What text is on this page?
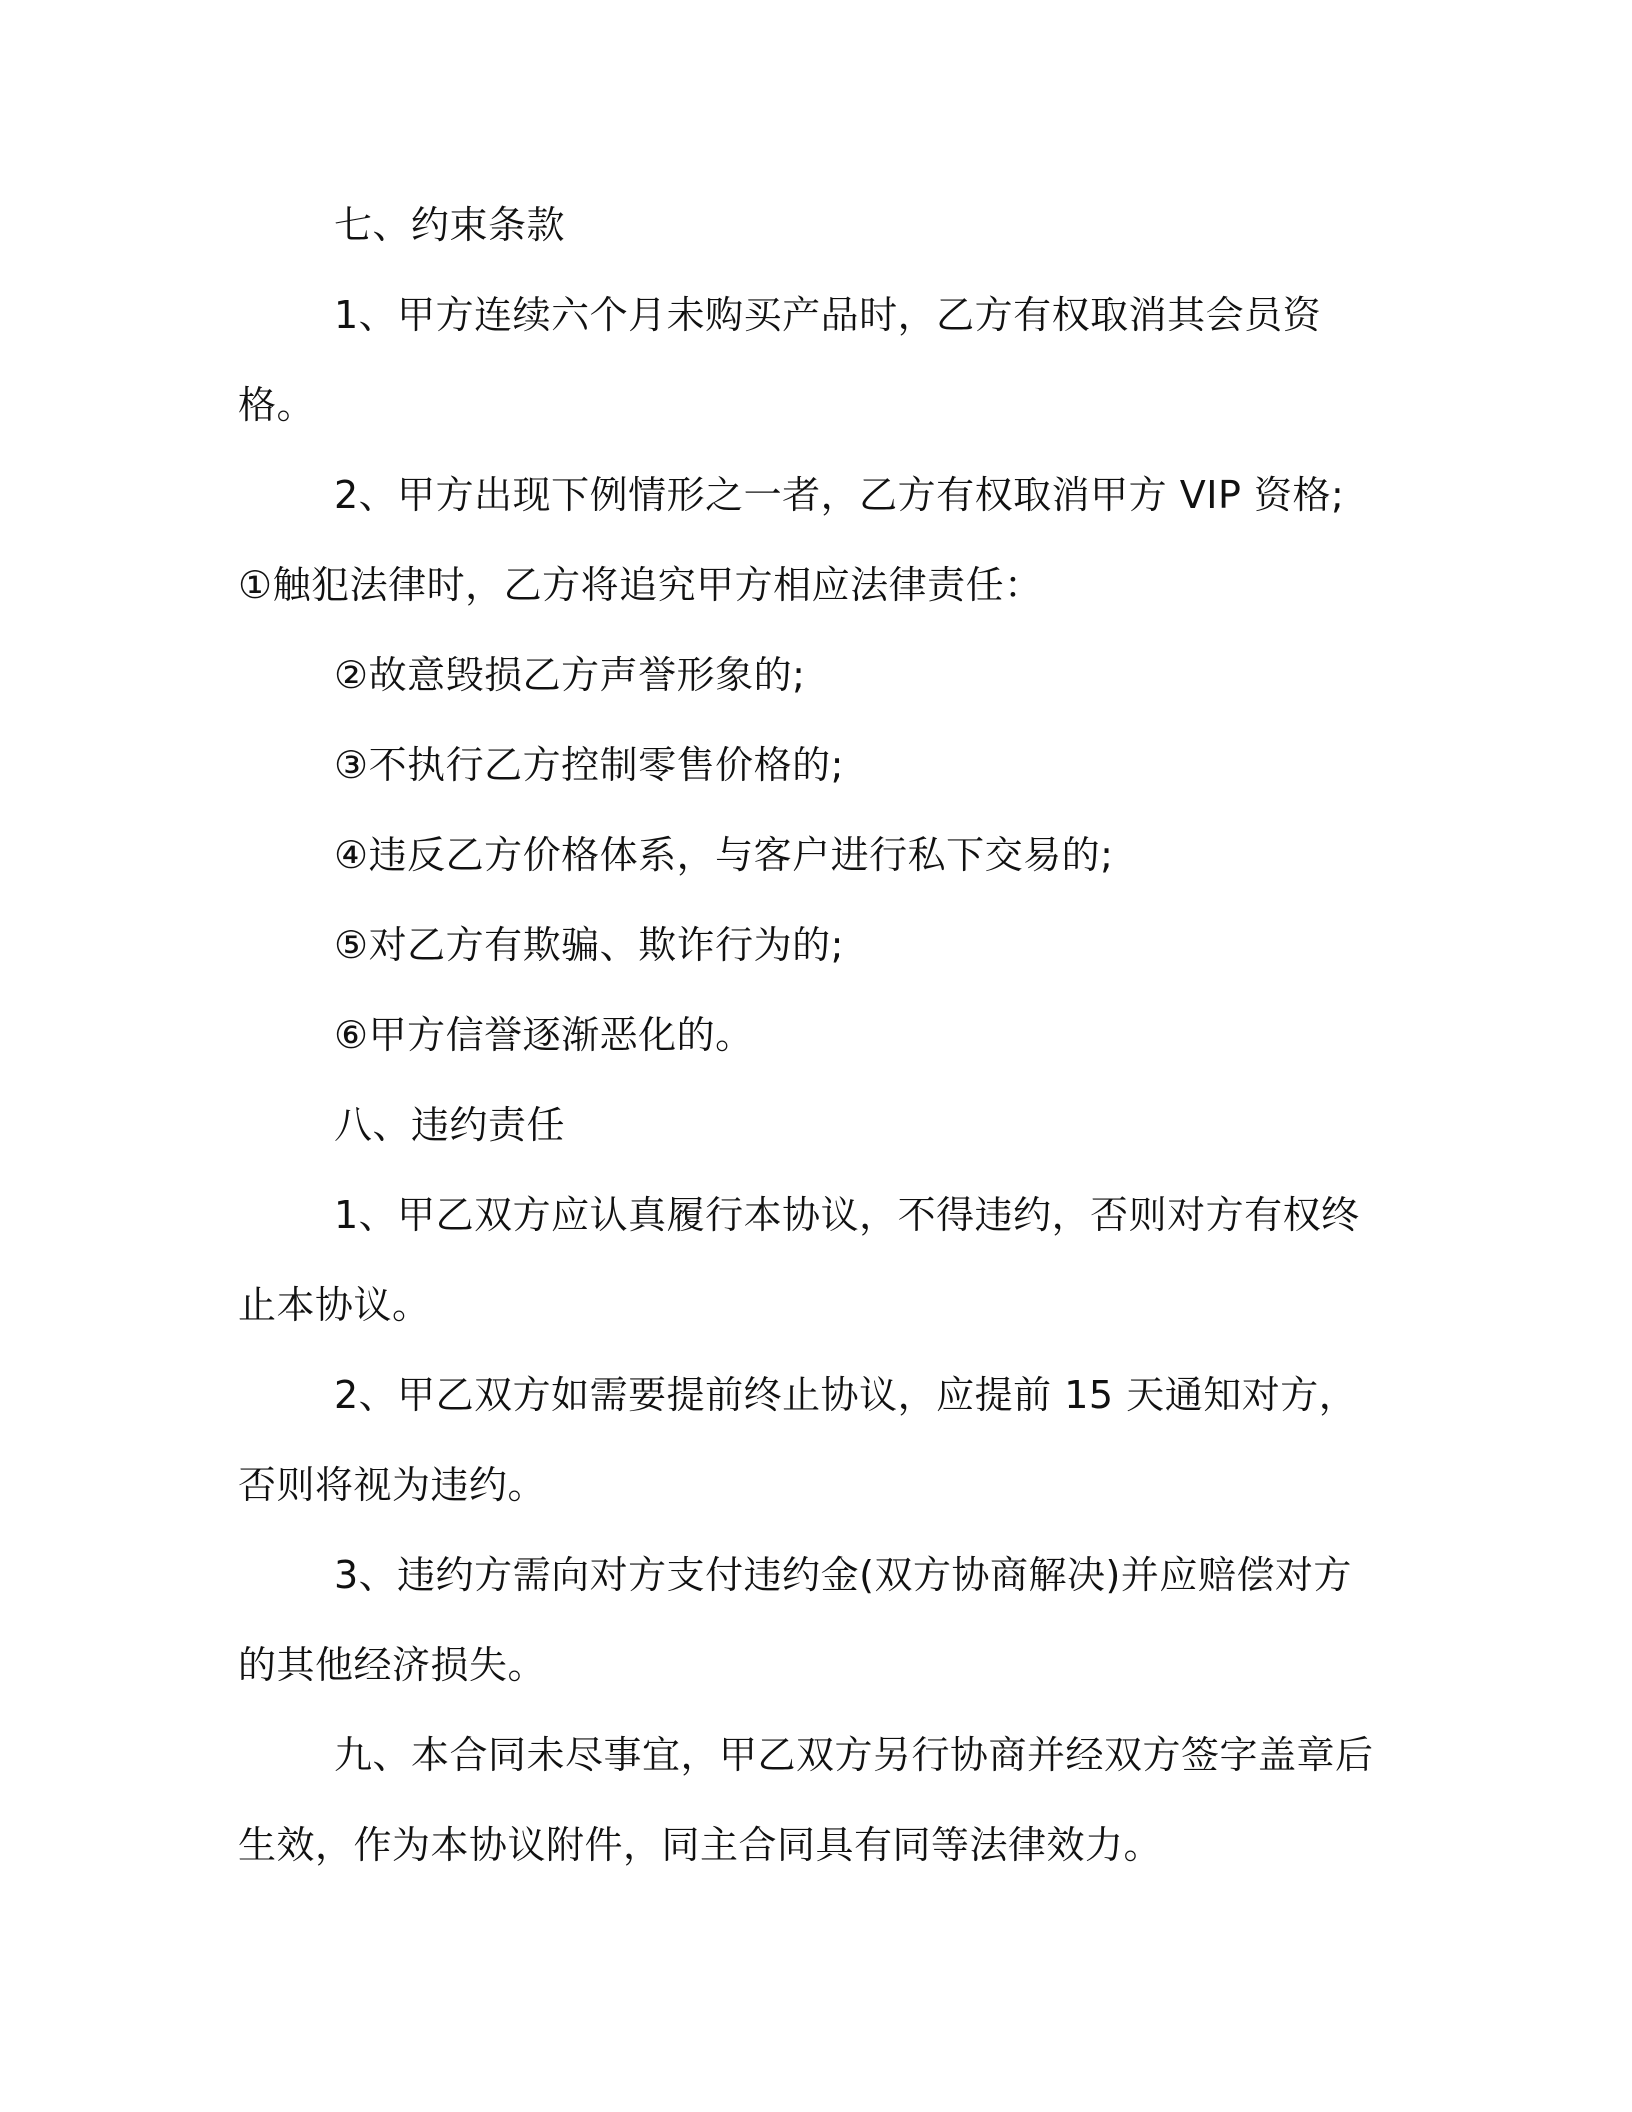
七、约束条款

1、甲方连续六个月未购买产品时，乙方有权取消其会员资格。

2、甲方出现下例情形之一者，乙方有权取消甲方 VIP 资格; ①触犯法律时，乙方将追究甲方相应法律责任：

②故意毁损乙方声誉形象的;

③不执行乙方控制零售价格的;

④违反乙方价格体系，与客户进行私下交易的;

⑤对乙方有欺骗、欺诈行为的;

⑥甲方信誉逐渐恶化的。

八、违约责任

1、甲乙双方应认真履行本协议，不得违约，否则对方有权终止本协议。

2、甲乙双方如需要提前终止协议，应提前 15 天通知对方，否则将视为违约。

3、违约方需向对方支付违约金(双方协商解决)并应赔偿对方的其他经济损失。

九、本合同未尽事宜，甲乙双方另行协商并经双方签字盖章后生效，作为本协议附件，同主合同具有同等法律效力。
